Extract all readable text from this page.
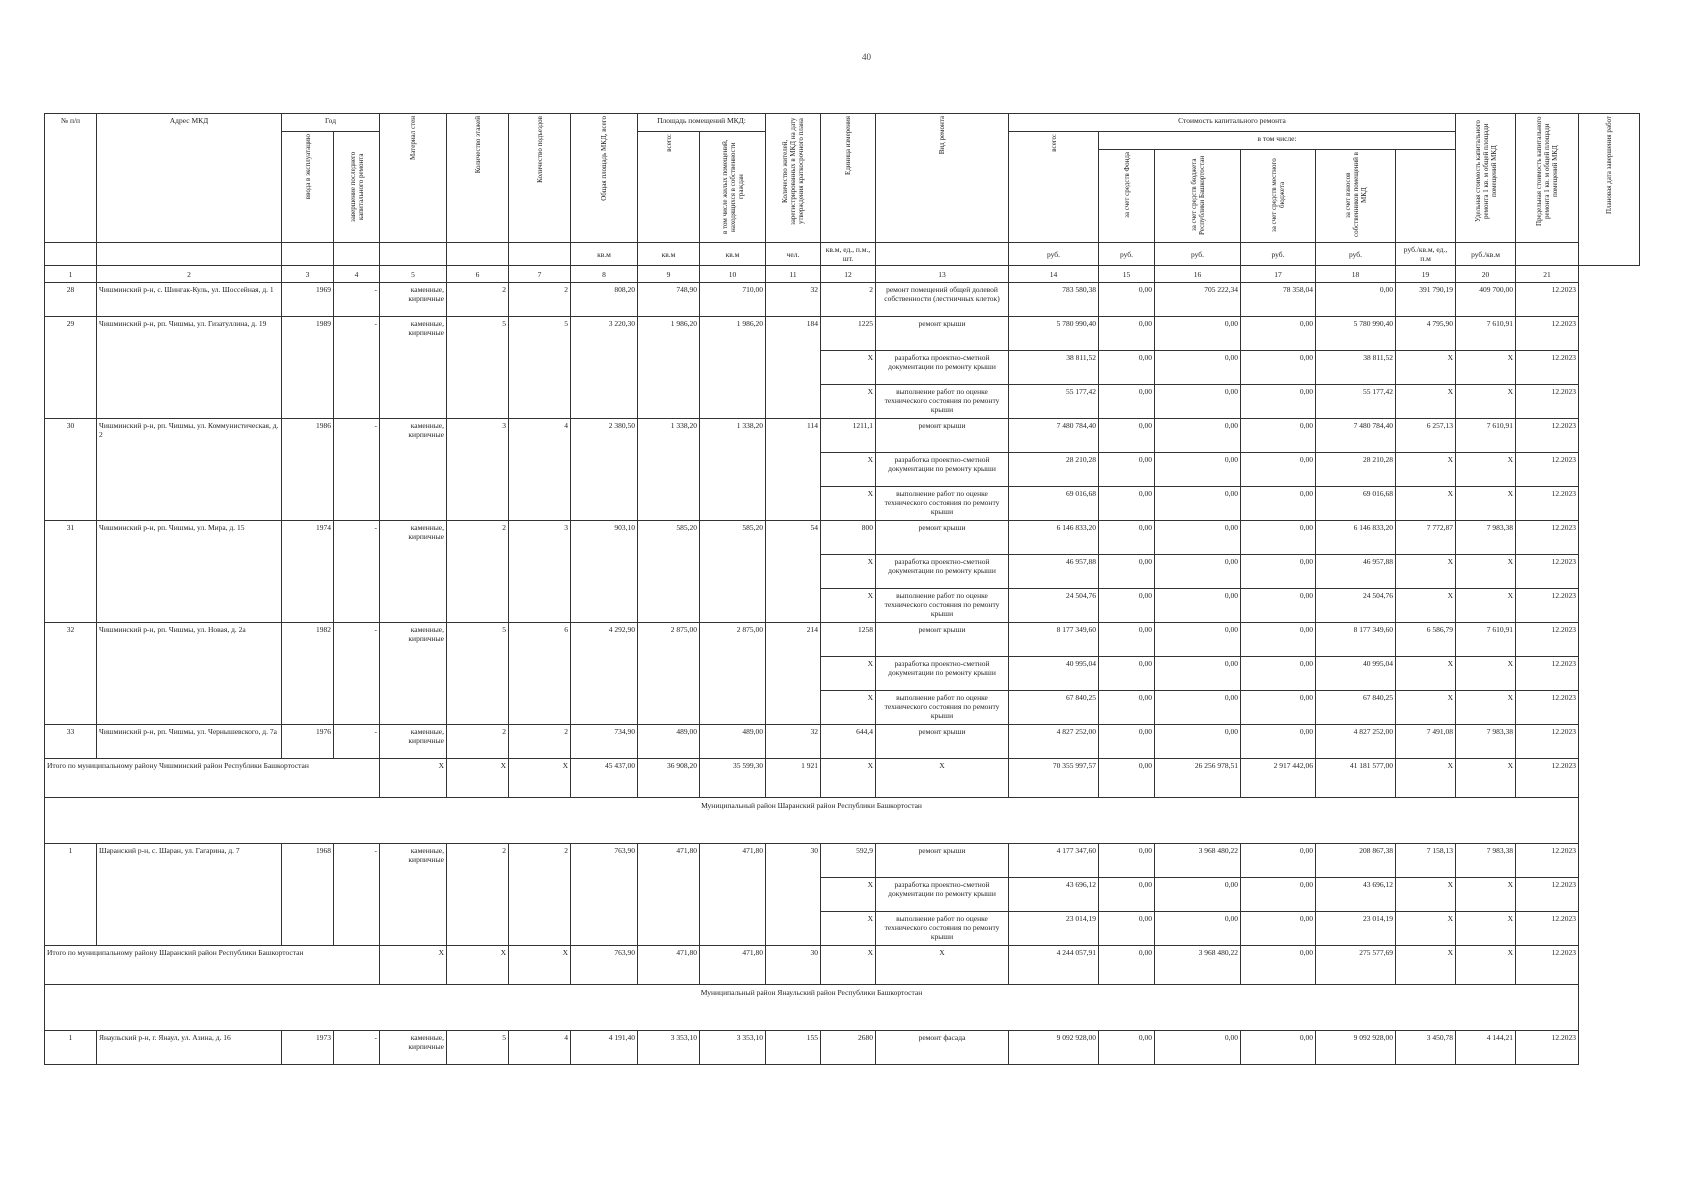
40
№ п/п	Адрес МКД	Год		Материал стен	Количество этажей	Количество подъездов	Общая площадь МКД, всего	Площадь помещений МКД:		Количество жителей, зарегистрированных в МКД на дату утверждения краткосрочного плана	Единица измерения	Вид ремонта	Стоимость капитального ремонта						Удельная стоимость капитального ремонта 1 кв. м общей площади помещений МКД	Предельная стоимость капитального ремонта 1 кв. м общей площади помещений МКД	Плановая дата завершения работ
		ввода в эксплуатацию	завершение последнего капитального ремонта					всего:	в том числе жилых помещений, находящихся в собственности граждан				всего:	в том числе:							
														за счет средств Фонда	за счет средств бюджета Республики Башкортостан	за счет средств местного бюджета	за счет взносов собственников помещений в МКД			
							кв.м	кв.м	кв.м	чел.	кв.м, ед., п.м., шт.		руб.	руб.	руб.	руб.	руб.	руб./кв.м, ед., п.м	руб./кв.м		
1	2	3	4	5	6	7	8	9	10	11	12	13	14	15	16	17	18	19	20	21	
28	Чишминский р-н, с. Шингак-Куль, ул. Шоссейная, д. 1	1969	-	каменные, кирпичные	2	2	808,20	748,90	710,00	32	2	ремонт помещений общей долевой собственности (лестничных клеток)	783 580,38	0,00	705 222,34	78 358,04	0,00	391 790,19	409 700,00	12.2023	
29	Чишминский р-н, рп. Чишмы, ул. Гизатуллина, д. 19	1989	-	каменные, кирпичные	5	5	3 220,30	1 986,20	1 986,20	184	1225	ремонт крыши	5 780 990,40	0,00	0,00	0,00	5 780 990,40	4 795,90	7 610,91	12.2023	
											X	разработка проектно-сметной документации по ремонту крыши	38 811,52	0,00	0,00	0,00	38 811,52	X	X	12.2023	
											X	выполнение работ по оценке технического состояния по ремонту крыши	55 177,42	0,00	0,00	0,00	55 177,42	X	X	12.2023	
30	Чишминский р-н, рп. Чишмы, ул. Коммунистическая, д. 2	1986	-	каменные, кирпичные	3	4	2 380,50	1 338,20	1 338,20	114	1211,1	ремонт крыши	7 480 784,40	0,00	0,00	0,00	7 480 784,40	6 257,13	7 610,91	12.2023	
											X	разработка проектно-сметной документации по ремонту крыши	28 210,28	0,00	0,00	0,00	28 210,28	X	X	12.2023	
											X	выполнение работ по оценке технического состояния по ремонту крыши	69 016,68	0,00	0,00	0,00	69 016,68	X	X	12.2023	
31	Чишминский р-н, рп. Чишмы, ул. Мира, д. 15	1974	-	каменные, кирпичные	2	3	903,10	585,20	585,20	54	800	ремонт крыши	6 146 833,20	0,00	0,00	0,00	6 146 833,20	7 772,87	7 983,38	12.2023	
											X	разработка проектно-сметной документации по ремонту крыши	46 957,88	0,00	0,00	0,00	46 957,88	X	X	12.2023	
											X	выполнение работ по оценке технического состояния по ремонту крыши	24 504,76	0,00	0,00	0,00	24 504,76	X	X	12.2023	
32	Чишминский р-н, рп. Чишмы, ул. Новая, д. 2а	1982	-	каменные, кирпичные	5	6	4 292,90	2 875,00	2 875,00	214	1258	ремонт крыши	8 177 349,60	0,00	0,00	0,00	8 177 349,60	6 586,79	7 610,91	12.2023	
											X	разработка проектно-сметной документации по ремонту крыши	40 995,04	0,00	0,00	0,00	40 995,04	X	X	12.2023	
											X	выполнение работ по оценке технического состояния по ремонту крыши	67 840,25	0,00	0,00	0,00	67 840,25	X	X	12.2023	
33	Чишминский р-н, рп. Чишмы, ул. Чернышевского, д. 7а	1976	-	каменные, кирпичные	2	2	734,90	489,00	489,00	32	644,4	ремонт крыши	4 827 252,00	0,00	0,00	0,00	4 827 252,00	7 491,08	7 983,38	12.2023	
Итого по муниципальному району Чишминский район Республики Башкортостан				X	X	X	45 437,00	36 908,20	35 599,30	1 921	X	X	70 355 997,57	0,00	26 256 978,51	2 917 442,06	41 181 577,00	X	X	12.2023	
Муниципальный район Шаранский район Республики Башкортостан																					
1	Шаранский р-н, с. Шаран, ул. Гагарина, д. 7	1968	-	каменные, кирпичные	2	2	763,90	471,80	471,80	30	592,9	ремонт крыши	4 177 347,60	0,00	3 968 480,22	0,00	208 867,38	7 158,13	7 983,38	12.2023	
											X	разработка проектно-сметной документации по ремонту крыши	43 696,12	0,00	0,00	0,00	43 696,12	X	X	12.2023	
											X	выполнение работ по оценке технического состояния по ремонту крыши	23 014,19	0,00	0,00	0,00	23 014,19	X	X	12.2023	
Итого по муниципальному району Шаранский район Республики Башкортостан				X	X	X	763,90	471,80	471,80	30	X	X	4 244 057,91	0,00	3 968 480,22	0,00	275 577,69	X	X	12.2023	
Муниципальный район Янаульский район Республики Башкортостан																					
1	Янаульский р-н, г. Янаул, ул. Азина, д. 16	1973	-	каменные, кирпичные	5	4	4 191,40	3 353,10	3 353,10	155	2680	ремонт фасада	9 092 928,00	0,00	0,00	0,00	9 092 928,00	3 450,78	4 144,21	12.2023	
